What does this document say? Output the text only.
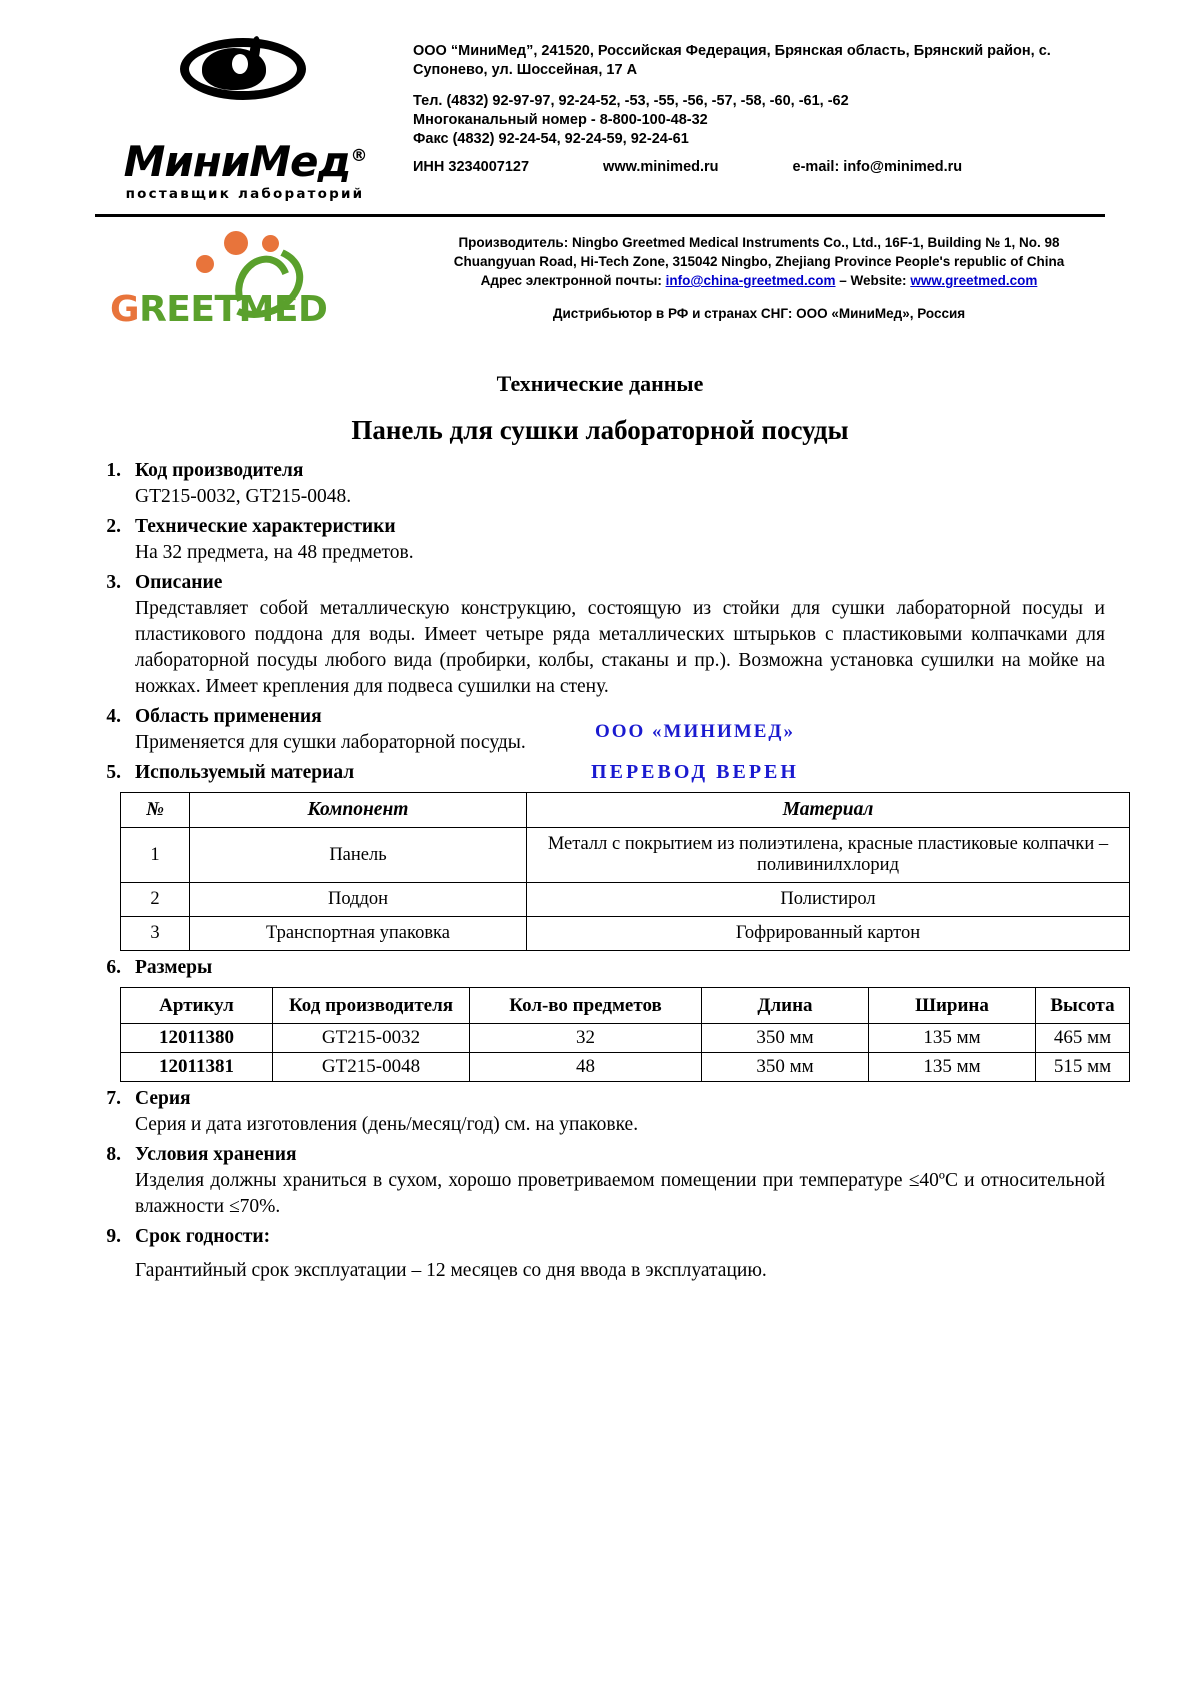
МиниМед®
поставщик лабораторий
ООО “МиниМед”, 241520, Российская Федерация, Брянская область, Брянский район, с. Супонево, ул. Шоссейная, 17 А
Тел. (4832) 92-97-97, 92-24-52, -53, -55, -56, -57, -58, -60, -61, -62
Многоканальный номер - 8-800-100-48-32
Факс (4832) 92-24-54, 92-24-59, 92-24-61
ИНН 3234007127	www.minimed.ru	e-mail: info@minimed.ru
GREETMED
Производитель: Ningbo Greetmed Medical Instruments Co., Ltd., 16F-1, Building № 1, No. 98
Chuangyuan Road, Hi-Tech Zone, 315042 Ningbo, Zhejiang Province People's republic of China
Адрес электронной почты: info@china-greetmed.com – Website: www.greetmed.com
Дистрибьютор в РФ и странах СНГ: ООО «МиниМед», Россия
Технические данные
Панель для сушки лабораторной посуды
1. Код производителя
GT215-0032, GT215-0048.
2. Технические характеристики
На 32 предмета, на 48 предметов.
3. Описание
Представляет собой металлическую конструкцию, состоящую из стойки для сушки лабораторной посуды и пластикового поддона для воды. Имеет четыре ряда металлических штырьков с пластиковыми колпачками для лабораторной посуды любого вида (пробирки, колбы, стаканы и пр.). Возможна установка сушилки на мойке на ножках. Имеет крепления для подвеса сушилки на стену.
4. Область применения
Применяется для сушки лабораторной посуды.
5. Используемый материал
№	Компонент	Материал
1	Панель	Металл с покрытием из полиэтилена, красные пластиковые колпачки – поливинилхлорид
2	Поддон	Полистирол
3	Транспортная упаковка	Гофрированный картон
6. Размеры
Артикул	Код производителя	Кол-во предметов	Длина	Ширина	Высота
12011380	GT215-0032	32	350 мм	135 мм	465 мм
12011381	GT215-0048	48	350 мм	135 мм	515 мм
7. Серия
Серия и дата изготовления (день/месяц/год) см. на упаковке.
8. Условия хранения
Изделия должны храниться в сухом, хорошо проветриваемом помещении при температуре ≤40ºС и относительной влажности ≤70%.
9. Срок годности:
Гарантийный срок эксплуатации – 12 месяцев со дня ввода в эксплуатацию.
ООО «МИНИМЕД»
ПЕРЕВОД ВЕРЕН
